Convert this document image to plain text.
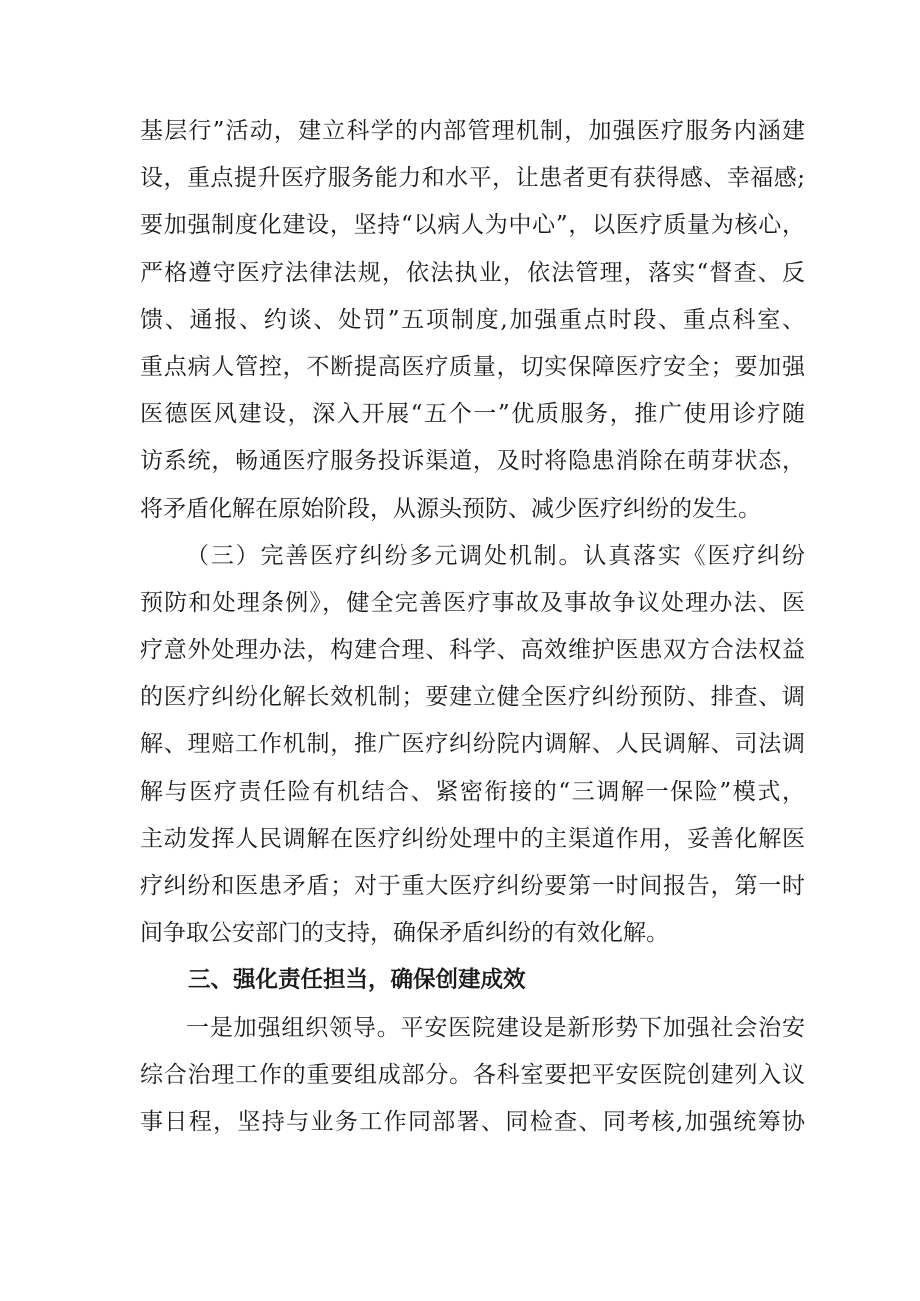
基层行”活动，建立科学的内部管理机制，加强医疗服务内涵建
设，重点提升医疗服务能力和水平，让患者更有获得感、幸福感;
要加强制度化建设，坚持“以病人为中心”，以医疗质量为核心，
严格遵守医疗法律法规，依法执业，依法管理，落实“督查、反
馈、通报、约谈、处罚”五项制度,加强重点时段、重点科室、
重点病人管控，不断提高医疗质量，切实保障医疗安全；要加强
医德医风建设，深入开展“五个一”优质服务，推广使用诊疗随
访系统，畅通医疗服务投诉渠道，及时将隐患消除在萌芽状态，
将矛盾化解在原始阶段，从源头预防、减少医疗纠纷的发生。
（三）完善医疗纠纷多元调处机制。认真落实《医疗纠纷
预防和处理条例》，健全完善医疗事故及事故争议处理办法、医
疗意外处理办法，构建合理、科学、高效维护医患双方合法权益
的医疗纠纷化解长效机制；要建立健全医疗纠纷预防、排查、调
解、理赔工作机制，推广医疗纠纷院内调解、人民调解、司法调
解与医疗责任险有机结合、紧密衔接的“三调解一保险”模式，
主动发挥人民调解在医疗纠纷处理中的主渠道作用，妥善化解医
疗纠纷和医患矛盾；对于重大医疗纠纷要第一时间报告，第一时
间争取公安部门的支持，确保矛盾纠纷的有效化解。
三、强化责任担当，确保创建成效
一是加强组织领导。平安医院建设是新形势下加强社会治安
综合治理工作的重要组成部分。各科室要把平安医院创建列入议
事日程，坚持与业务工作同部署、同检查、同考核,加强统筹协
